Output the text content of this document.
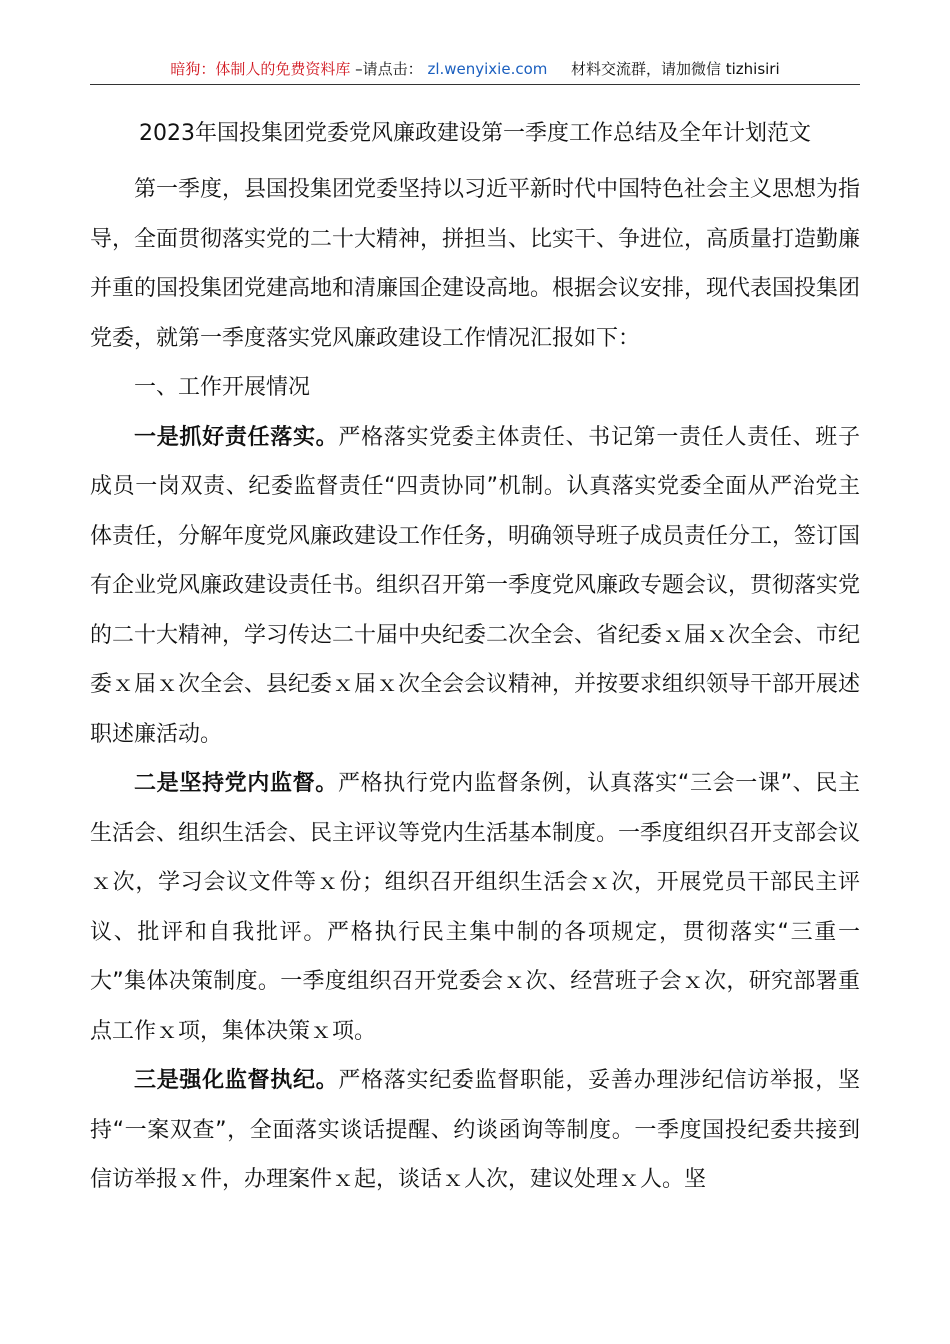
暗狗：体制人的免费资料库 –请点击： zl.wenyixie.com 材料交流群，请加微信 tizhisiri
2023年国投集团党委党风廉政建设第一季度工作总结及全年计划范文

第一季度，县国投集团党委坚持以习近平新时代中国特色社会主义思想为指导，全面贯彻落实党的二十大精神，拼担当、比实干、争进位，高质量打造勤廉并重的国投集团党建高地和清廉国企建设高地。根据会议安排，现代表国投集团党委，就第一季度落实党风廉政建设工作情况汇报如下：

一、工作开展情况

一是抓好责任落实。严格落实党委主体责任、书记第一责任人责任、班子成员一岗双责、纪委监督责任“四责协同”机制。认真落实党委全面从严治党主体责任，分解年度党风廉政建设工作任务，明确领导班子成员责任分工，签订国有企业党风廉政建设责任书。组织召开第一季度党风廉政专题会议，贯彻落实党的二十大精神，学习传达二十届中央纪委二次全会、省纪委ｘ届ｘ次全会、市纪委ｘ届ｘ次全会、县纪委ｘ届ｘ次全会会议精神，并按要求组织领导干部开展述职述廉活动。

二是坚持党内监督。严格执行党内监督条例，认真落实“三会一课”、民主生活会、组织生活会、民主评议等党内生活基本制度。一季度组织召开支部会议ｘ次，学习会议文件等ｘ份；组织召开组织生活会ｘ次，开展党员干部民主评议、批评和自我批评。严格执行民主集中制的各项规定，贯彻落实“三重一大”集体决策制度。一季度组织召开党委会ｘ次、经营班子会ｘ次，研究部署重点工作ｘ项，集体决策ｘ项。

三是强化监督执纪。严格落实纪委监督职能，妥善办理涉纪信访举报，坚持“一案双查”，全面落实谈话提醒、约谈函询等制度。一季度国投纪委共接到信访举报ｘ件，办理案件ｘ起，谈话ｘ人次，建议处理ｘ人。坚
